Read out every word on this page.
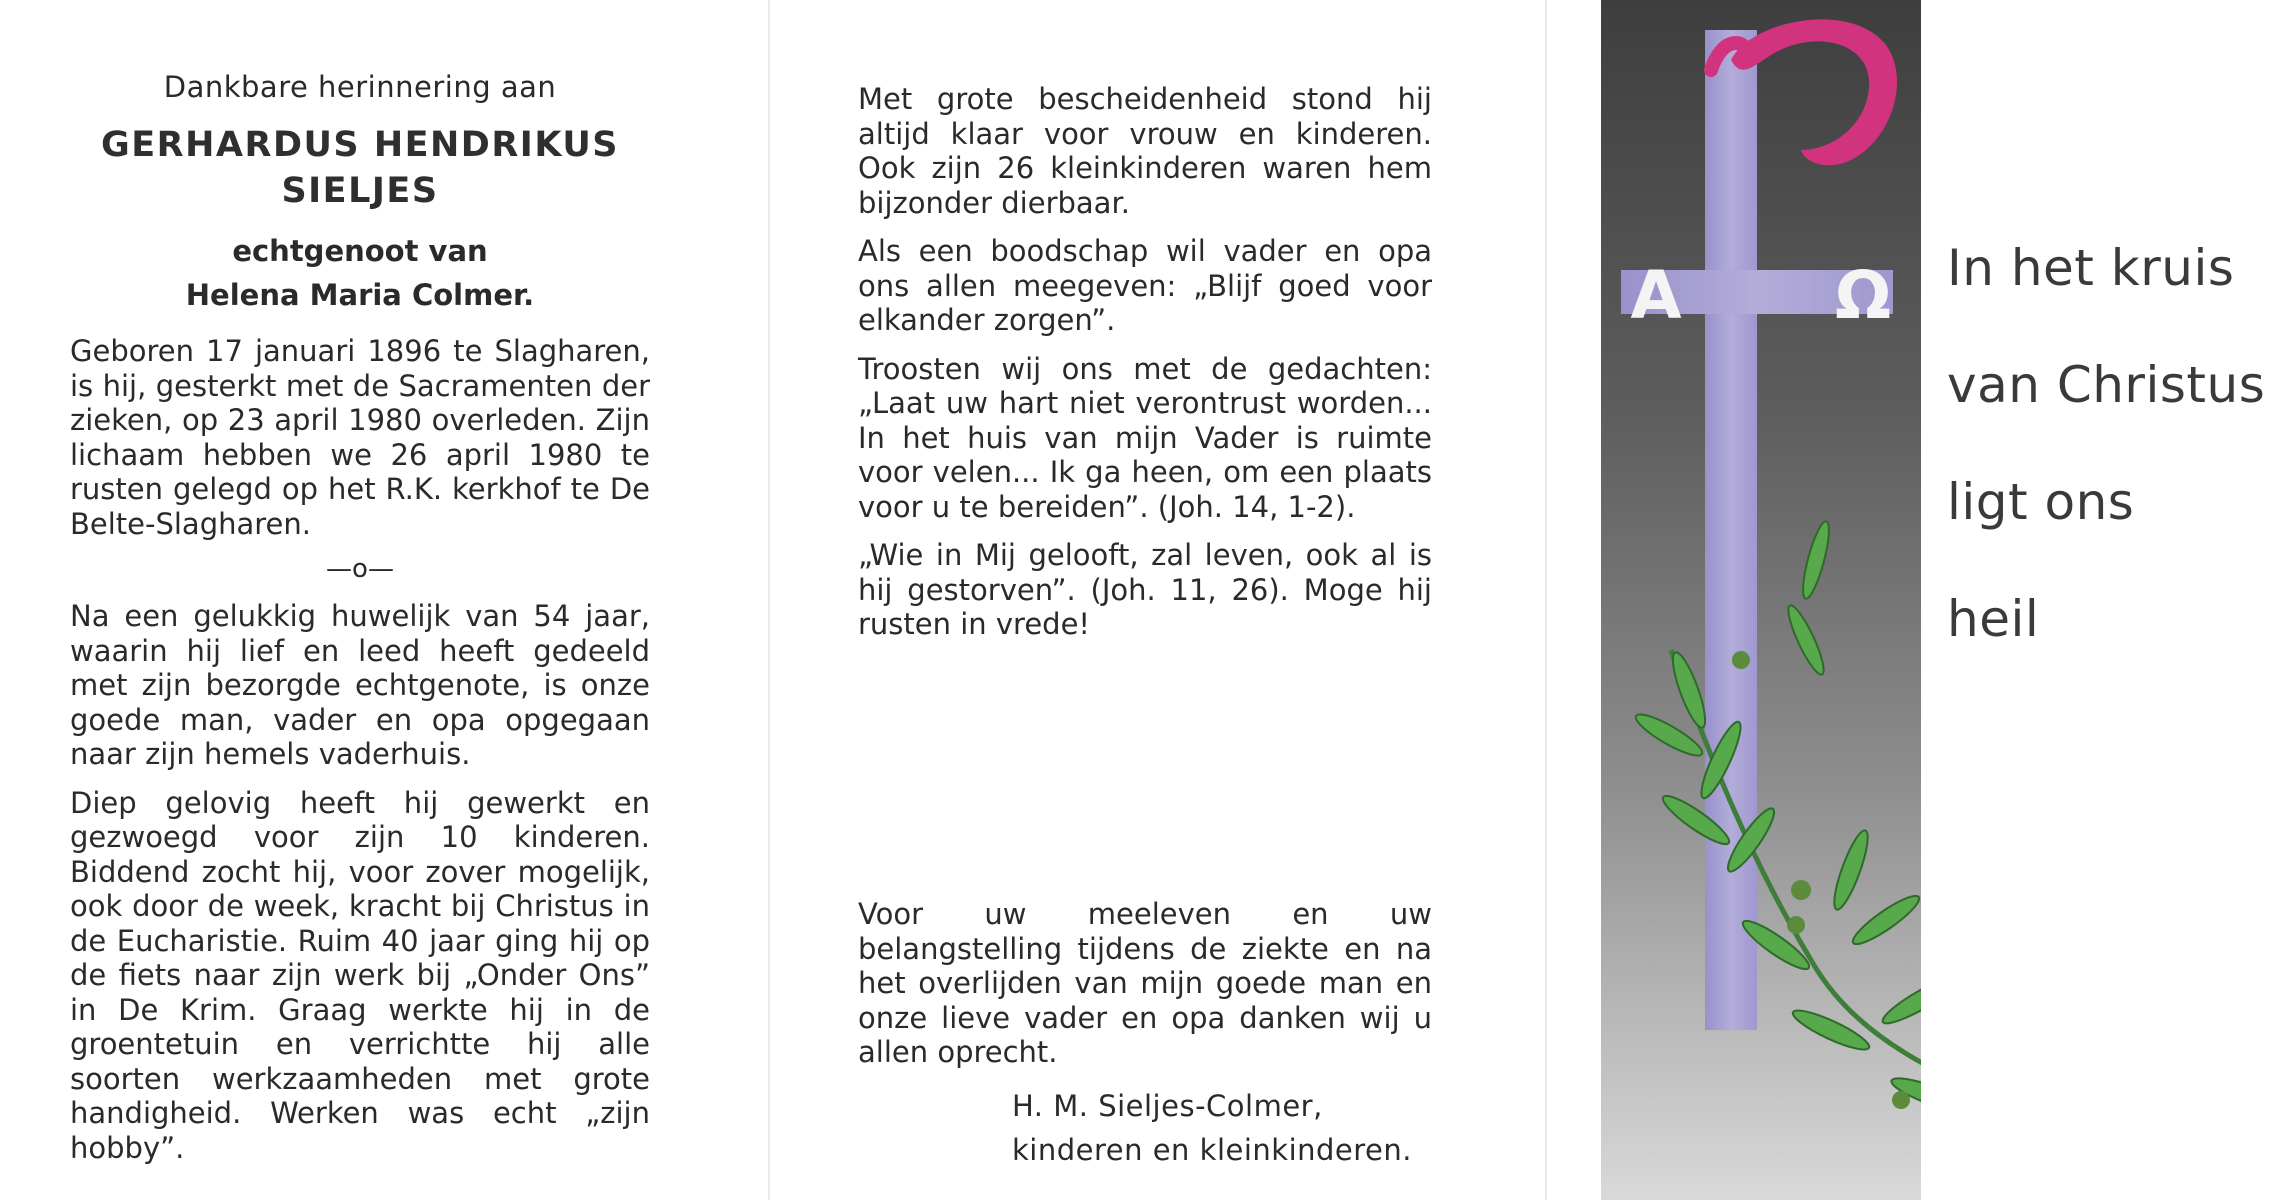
Dankbare herinnering aan

GERHARDUS HENDRIKUS

SIELJES

echtgenoot van

Helena Maria Colmer.

Geboren 17 januari 1896 te Slagharen, is hij, gesterkt met de Sacramenten der zieken, op 23 april 1980 overleden. Zijn lichaam hebben we 26 april 1980 te rusten gelegd op het R.K. kerkhof te De Belte-Slagharen.

—o—

Na een gelukkig huwelijk van 54 jaar, waarin hij lief en leed heeft gedeeld met zijn bezorgde echtgenote, is onze goede man, vader en opa opgegaan naar zijn hemels vaderhuis.

Diep gelovig heeft hij gewerkt en gezwoegd voor zijn 10 kinderen. Biddend zocht hij, voor zover mogelijk, ook door de week, kracht bij Christus in de Eucharistie. Ruim 40 jaar ging hij op de fiets naar zijn werk bij „Onder Ons” in De Krim. Graag werkte hij in de groentetuin en verrichtte hij alle soorten werkzaamheden met grote handigheid. Werken was echt „zijn hobby”.

Met grote bescheidenheid stond hij altijd klaar voor vrouw en kinderen. Ook zijn 26 kleinkinderen waren hem bijzonder dierbaar.

Als een boodschap wil vader en opa ons allen meegeven: „Blijf goed voor elkander zorgen”.

Troosten wij ons met de gedachten: „Laat uw hart niet verontrust worden... In het huis van mijn Vader is ruimte voor velen... Ik ga heen, om een plaats voor u te bereiden”. (Joh. 14, 1-2).

„Wie in Mij gelooft, zal leven, ook al is hij gestorven”. (Joh. 11, 26). Moge hij rusten in vrede!

Voor uw meeleven en uw belangstelling tijdens de ziekte en na het overlijden van mijn goede man en onze lieve vader en opa danken wij u allen oprecht.

H. M. Sieljes-Colmer,
kinderen en kleinkinderen.
A Ω In het kruis
van Christus
ligt ons
heil
